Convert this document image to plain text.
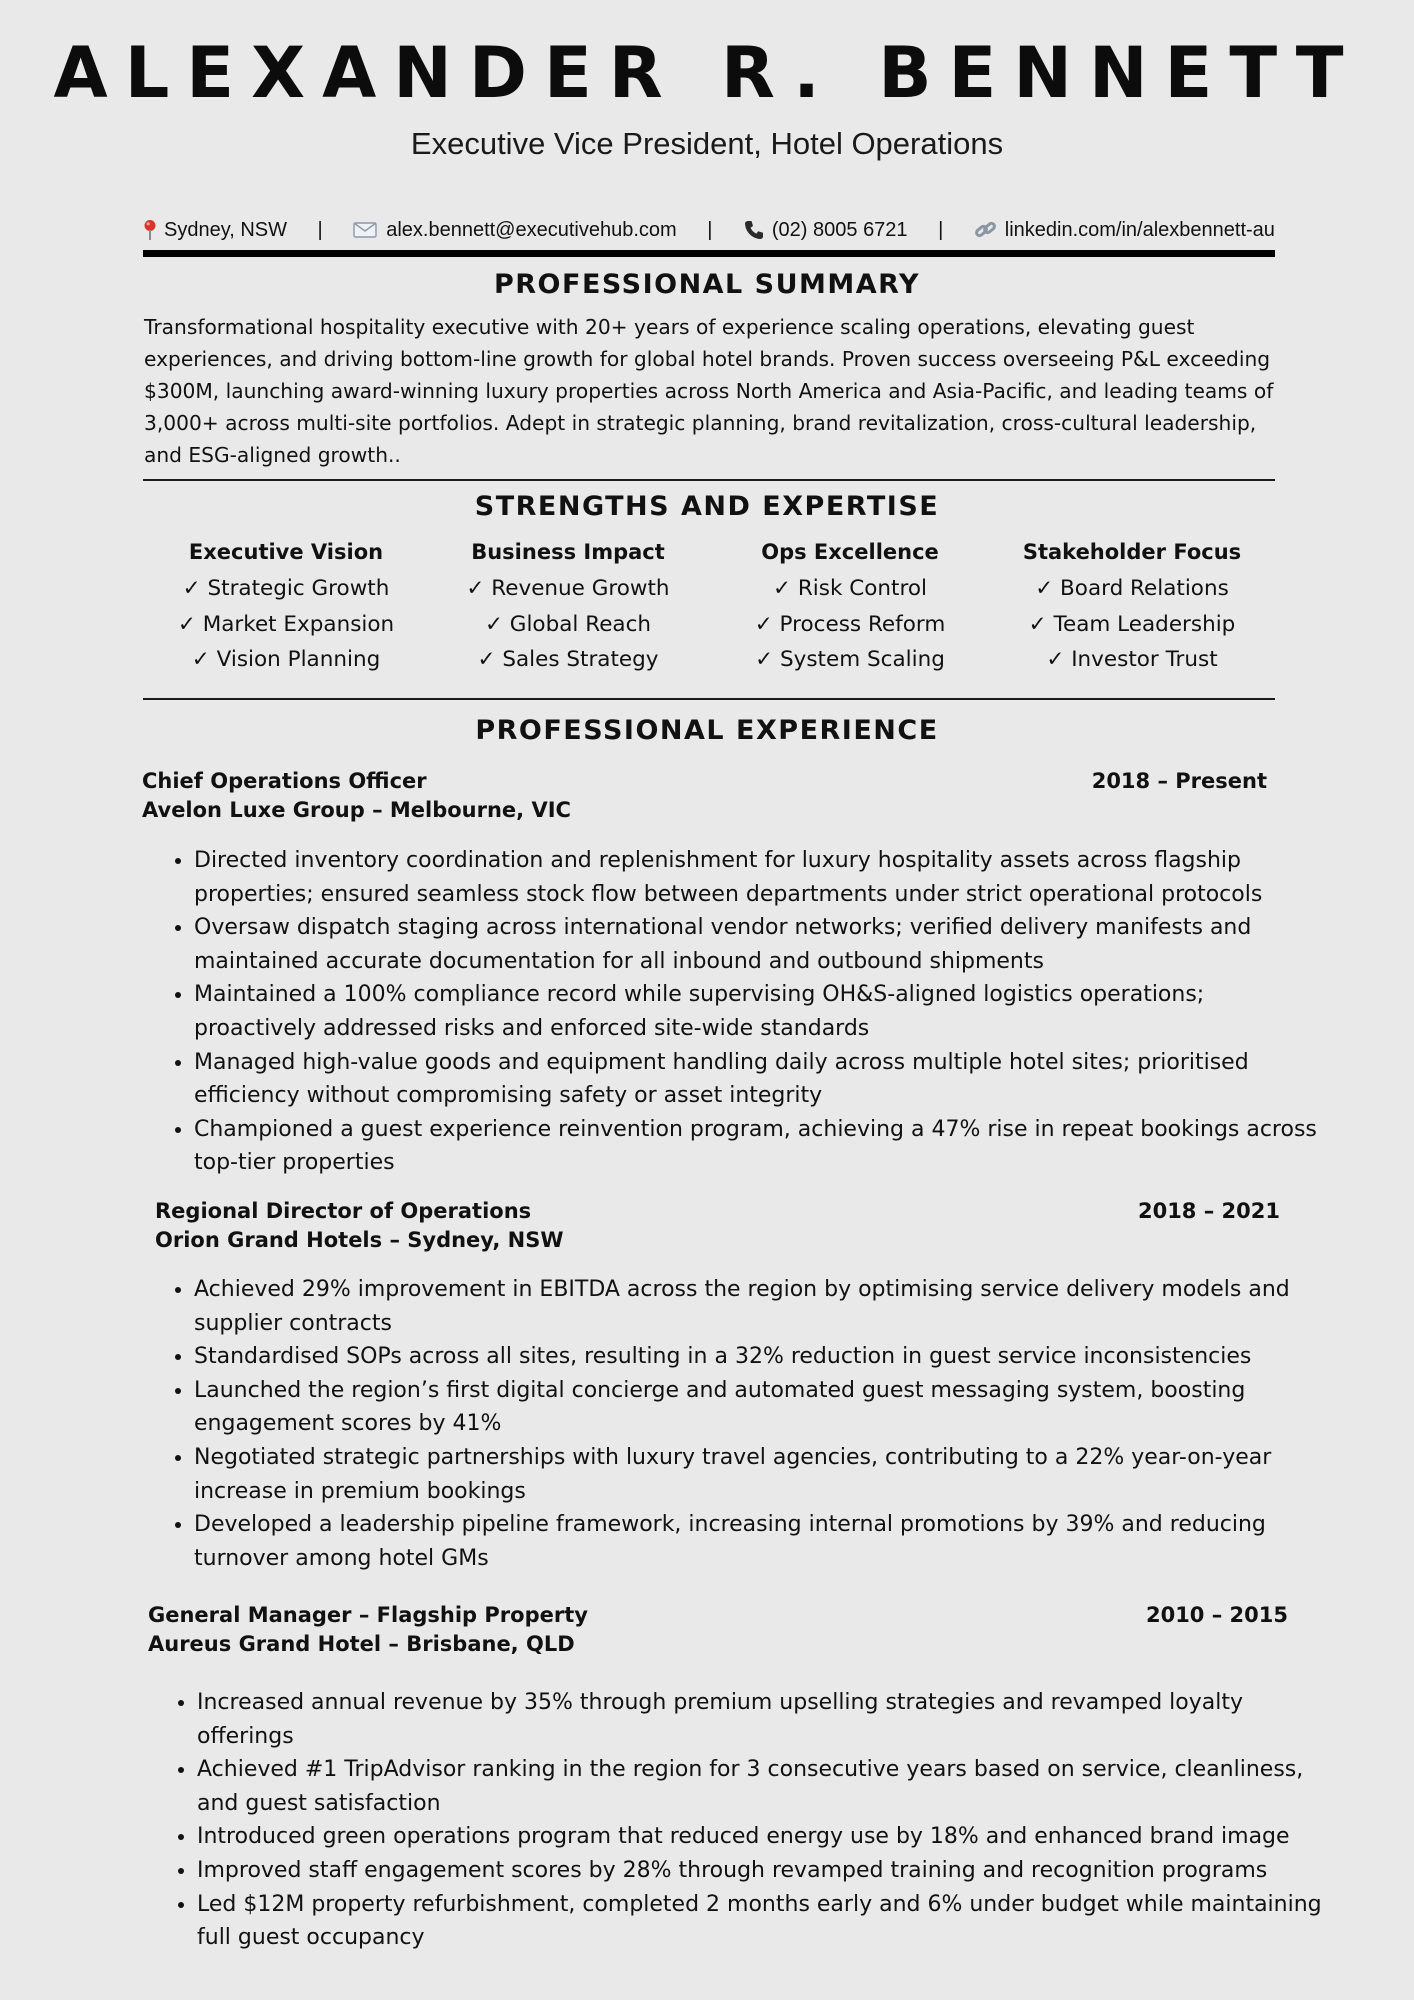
ALEXANDER R. BENNETT
Executive Vice President, Hotel Operations
Sydney, NSW |	alex.bennett@executivehub.com |	(02) 8005 6721 |	linkedin.com/in/alexbennett-au
PROFESSIONAL SUMMARY
Transformational hospitality executive with 20+ years of experience scaling operations, elevating guest experiences, and driving bottom-line growth for global hotel brands. Proven success overseeing P&L exceeding $300M, launching award-winning luxury properties across North America and Asia-Pacific, and leading teams of 3,000+ across multi-site portfolios. Adept in strategic planning, brand revitalization, cross-cultural leadership, and ESG-aligned growth..
STRENGTHS AND EXPERTISE
Executive Vision
✓ Strategic Growth
✓ Market Expansion
✓ Vision Planning
Business Impact
✓ Revenue Growth
✓ Global Reach
✓ Sales Strategy
Ops Excellence
✓ Risk Control
✓ Process Reform
✓ System Scaling
Stakeholder Focus
✓ Board Relations
✓ Team Leadership
✓ Investor Trust
PROFESSIONAL EXPERIENCE
Chief Operations Officer	2018 – Present
Avelon Luxe Group – Melbourne, VIC
• Directed inventory coordination and replenishment for luxury hospitality assets across flagship properties; ensured seamless stock flow between departments under strict operational protocols
• Oversaw dispatch staging across international vendor networks; verified delivery manifests and maintained accurate documentation for all inbound and outbound shipments
• Maintained a 100% compliance record while supervising OH&S-aligned logistics operations; proactively addressed risks and enforced site-wide standards
• Managed high-value goods and equipment handling daily across multiple hotel sites; prioritised efficiency without compromising safety or asset integrity
• Championed a guest experience reinvention program, achieving a 47% rise in repeat bookings across top-tier properties
Regional Director of Operations	2018 – 2021
Orion Grand Hotels – Sydney, NSW
• Achieved 29% improvement in EBITDA across the region by optimising service delivery models and supplier contracts
• Standardised SOPs across all sites, resulting in a 32% reduction in guest service inconsistencies
• Launched the region’s first digital concierge and automated guest messaging system, boosting engagement scores by 41%
• Negotiated strategic partnerships with luxury travel agencies, contributing to a 22% year-on-year increase in premium bookings
• Developed a leadership pipeline framework, increasing internal promotions by 39% and reducing turnover among hotel GMs
General Manager – Flagship Property	2010 – 2015
Aureus Grand Hotel – Brisbane, QLD
• Increased annual revenue by 35% through premium upselling strategies and revamped loyalty offerings
• Achieved #1 TripAdvisor ranking in the region for 3 consecutive years based on service, cleanliness, and guest satisfaction
• Introduced green operations program that reduced energy use by 18% and enhanced brand image
• Improved staff engagement scores by 28% through revamped training and recognition programs
• Led $12M property refurbishment, completed 2 months early and 6% under budget while maintaining full guest occupancy
